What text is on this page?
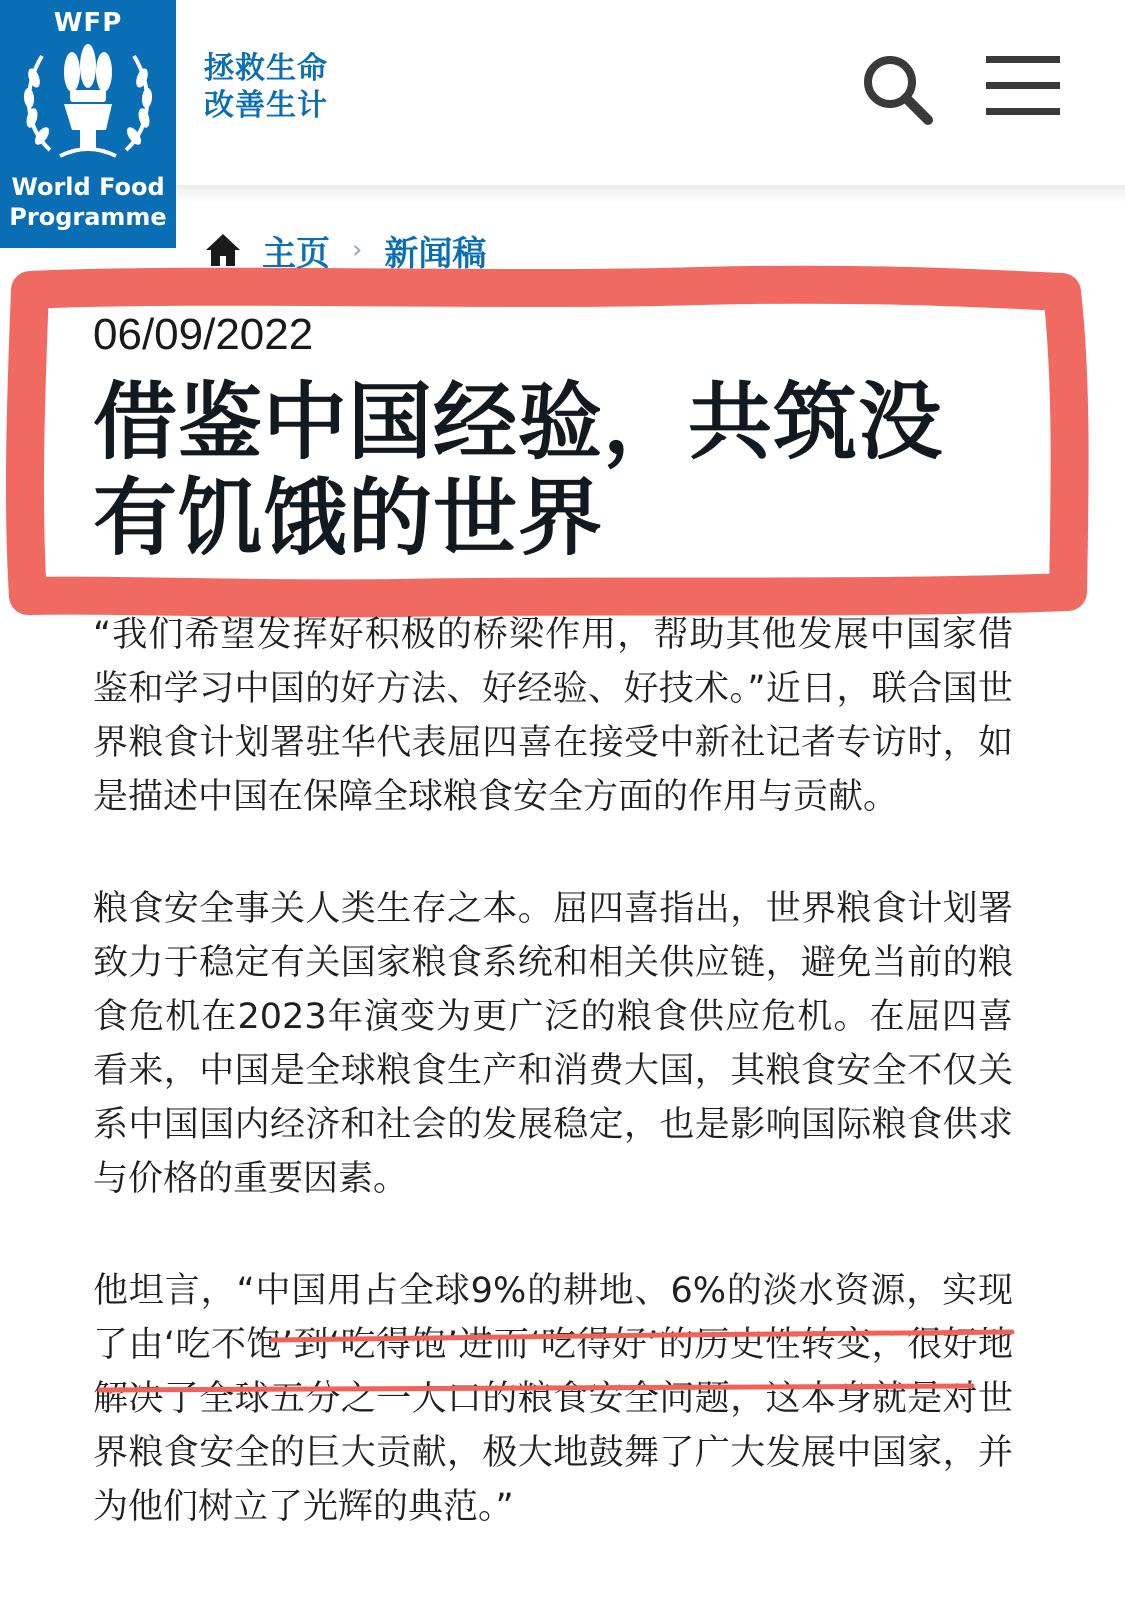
WFP
World Food
Programme
拯救生命
改善生计
主页 › 新闻稿
06/09/2022
借鉴中国经验，共筑没有饥饿的世界

“我们希望发挥好积极的桥梁作用，帮助其他发展中国家借鉴和学习中国的好方法、好经验、好技术。”近日，联合国世界粮食计划署驻华代表屈四喜在接受中新社记者专访时，如是描述中国在保障全球粮食安全方面的作用与贡献。

粮食安全事关人类生存之本。屈四喜指出，世界粮食计划署致力于稳定有关国家粮食系统和相关供应链，避免当前的粮食危机在2023年演变为更广泛的粮食供应危机。在屈四喜看来，中国是全球粮食生产和消费大国，其粮食安全不仅关系中国国内经济和社会的发展稳定，也是影响国际粮食供求与价格的重要因素。

他坦言，“中国用占全球9%的耕地、6%的淡水资源，实现了由‘吃不饱’到‘吃得饱’进而‘吃得好’的历史性转变，很好地解决了全球五分之一人口的粮食安全问题，这本身就是对世界粮食安全的巨大贡献，极大地鼓舞了广大发展中国家，并为他们树立了光辉的典范。”
